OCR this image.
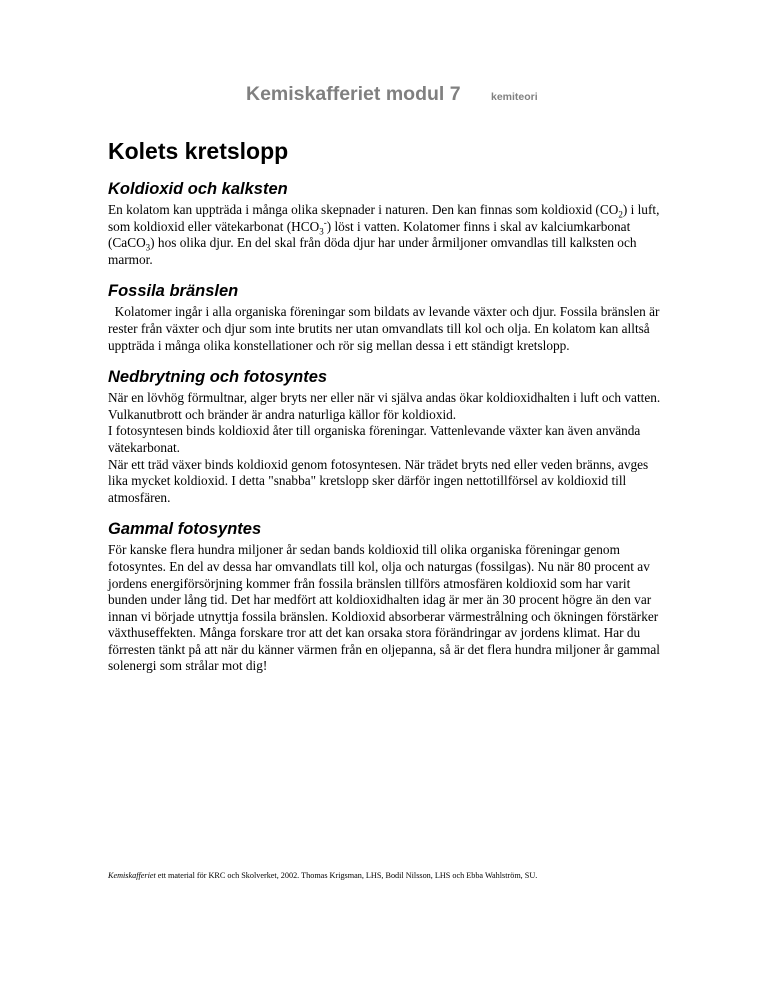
Kemiskafferiet modul 7	kemiteori
Kolets kretslopp
Koldioxid och kalksten

En kolatom kan uppträda i många olika skepnader i naturen. Den kan finnas som koldioxid $(CO_2)$ i luft, som koldioxid eller vätekarbonat $(HCO_3^-)$ löst i vatten. Kolatomer finns i skal av kalciumkarbonat (CaCO$_3$) hos olika djur. En del skal från döda djur har under årmiljoner omvandlas till kalksten och marmor.

Fossila bränslen

Kolatomer ingår i alla organiska föreningar som bildats av levande växter och djur. Fossila bränslen är rester från växter och djur som inte brutits ner utan omvandlats till kol och olja. En kolatom kan alltså uppträda i många olika konstellationer och rör sig mellan dessa i ett ständigt kretslopp.

Nedbrytning och fotosyntes

När en lövhög förmultnar, alger bryts ner eller när vi själva andas ökar koldioxidhalten i luft och vatten. Vulkanutbrott och bränder är andra naturliga källor för koldioxid.

I fotosyntesen binds koldioxid åter till organiska föreningar. Vattenlevande växter kan även använda vätekarbonat.

När ett träd växer binds koldioxid genom fotosyntesen. När trädet bryts ned eller veden bränns, avges lika mycket koldioxid. I detta "snabba" kretslopp sker därför ingen nettotillförsel av koldioxid till atmosfären.

Gammal fotosyntes

För kanske flera hundra miljoner år sedan bands koldioxid till olika organiska föreningar genom fotosyntes. En del av dessa har omvandlats till kol, olja och naturgas (fossilgas). Nu när 80 procent av jordens energiförsörjning kommer från fossila bränslen tillförs atmosfären koldioxid som har varit bunden under lång tid. Det har medfört att koldioxidhalten idag är mer än 30 procent högre än den var innan vi började utnyttja fossila bränslen. Koldioxid absorberar värmestrålning och ökningen förstärker växthuseffekten. Många forskare tror att det kan orsaka stora förändringar av jordens klimat. Har du förresten tänkt på att när du känner värmen från en oljepanna, så är det flera hundra miljoner år gammal solenergi som strålar mot dig!

Kemiskafferiet ett material för KRC och Skolverket, 2002. Thomas Krigsman, LHS, Bodil Nilsson, LHS och Ebba Wahlström, SU.
